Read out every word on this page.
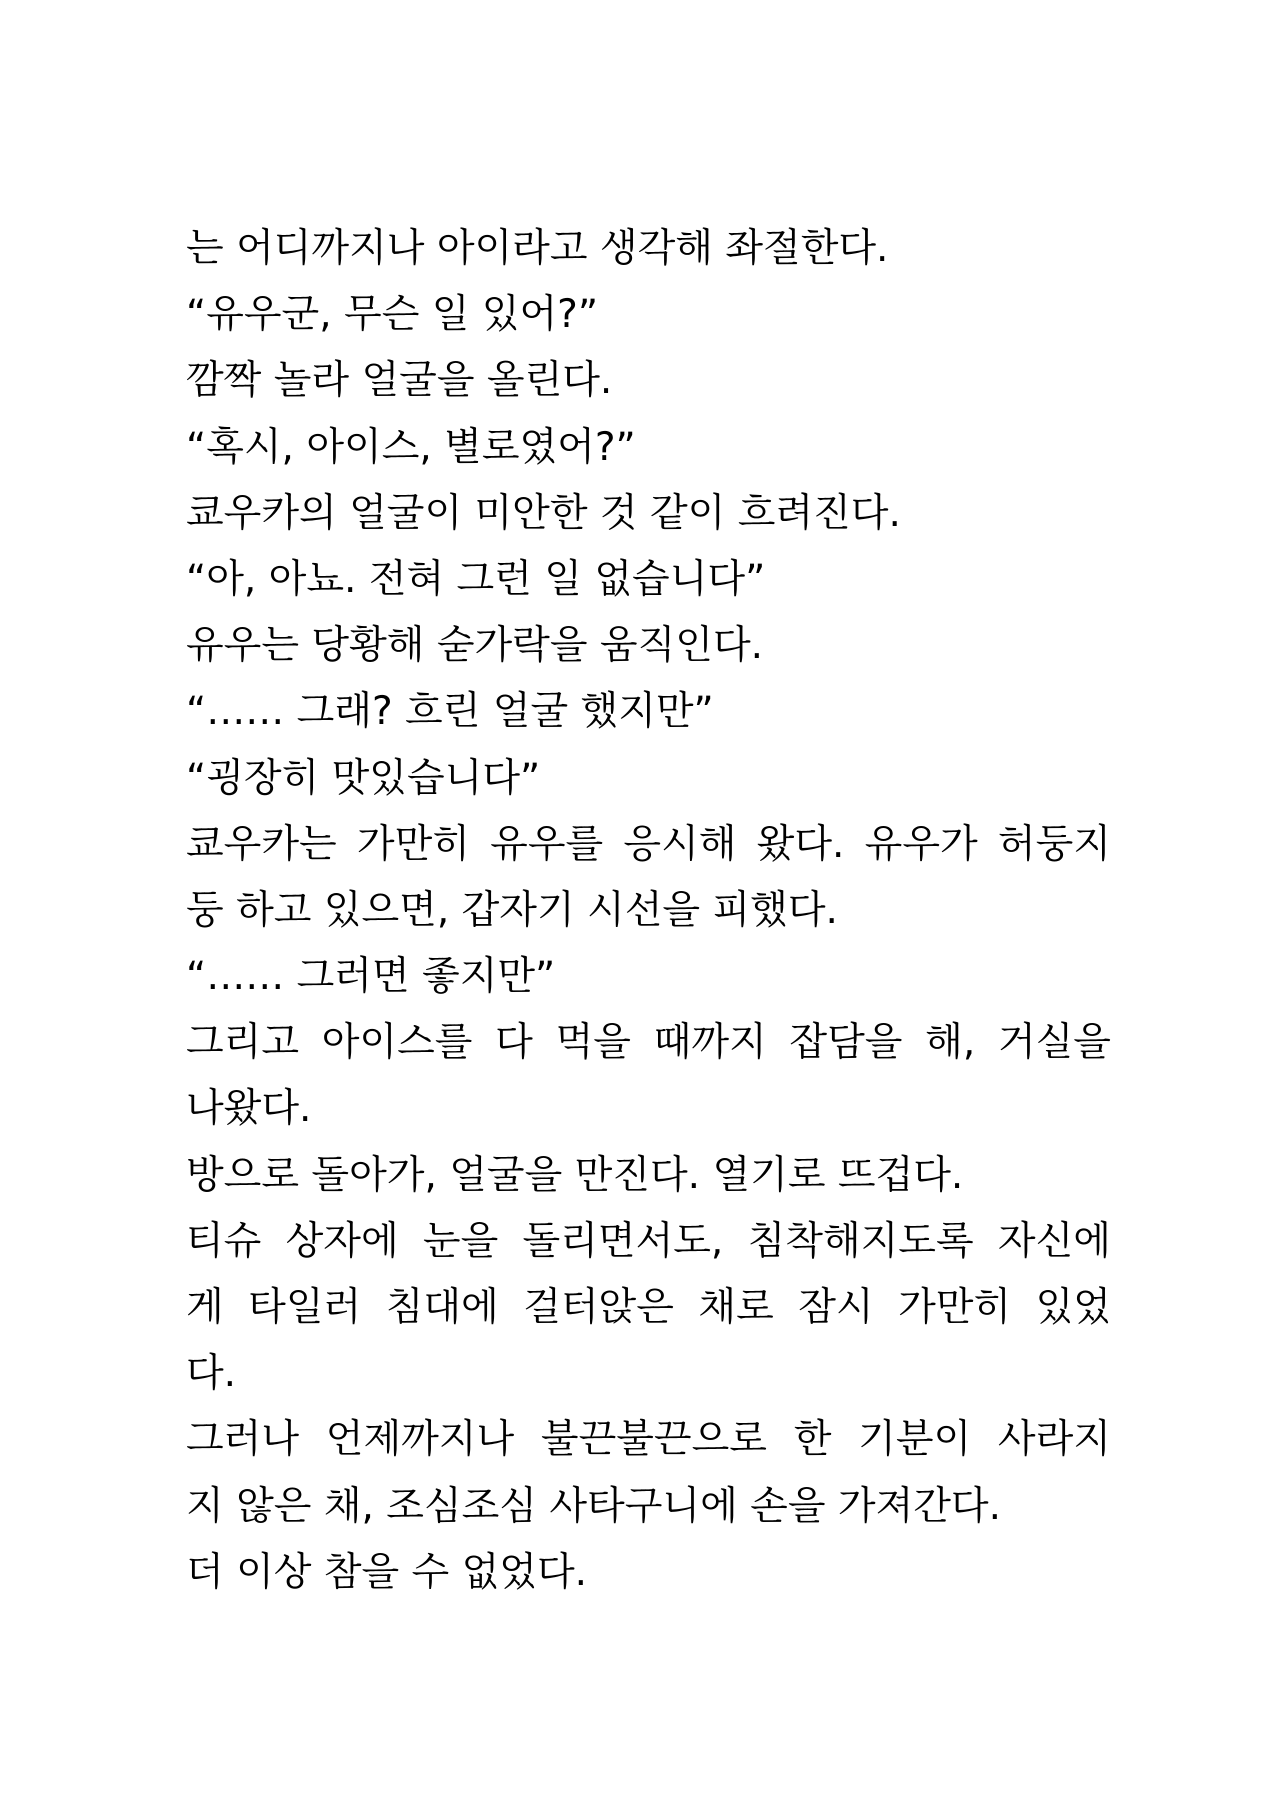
는 어디까지나 아이라고 생각해 좌절한다.
“유우군, 무슨 일 있어?”
깜짝 놀라 얼굴을 올린다.
“혹시, 아이스, 별로였어?”
쿄우카의 얼굴이 미안한 것 같이 흐려진다.
“아, 아뇨. 전혀 그런 일 없습니다”
유우는 당황해 숟가락을 움직인다.
“…… 그래? 흐린 얼굴 했지만”
“굉장히 맛있습니다”
쿄우카는 가만히 유우를 응시해 왔다. 유우가 허둥지
둥 하고 있으면, 갑자기 시선을 피했다.
“…… 그러면 좋지만”
그리고 아이스를 다 먹을 때까지 잡담을 해, 거실을
나왔다.
방으로 돌아가, 얼굴을 만진다. 열기로 뜨겁다.
티슈 상자에 눈을 돌리면서도, 침착해지도록 자신에
게 타일러 침대에 걸터앉은 채로 잠시 가만히 있었
다.
그러나 언제까지나 불끈불끈으로 한 기분이 사라지
지 않은 채, 조심조심 사타구니에 손을 가져간다.
더 이상 참을 수 없었다.
